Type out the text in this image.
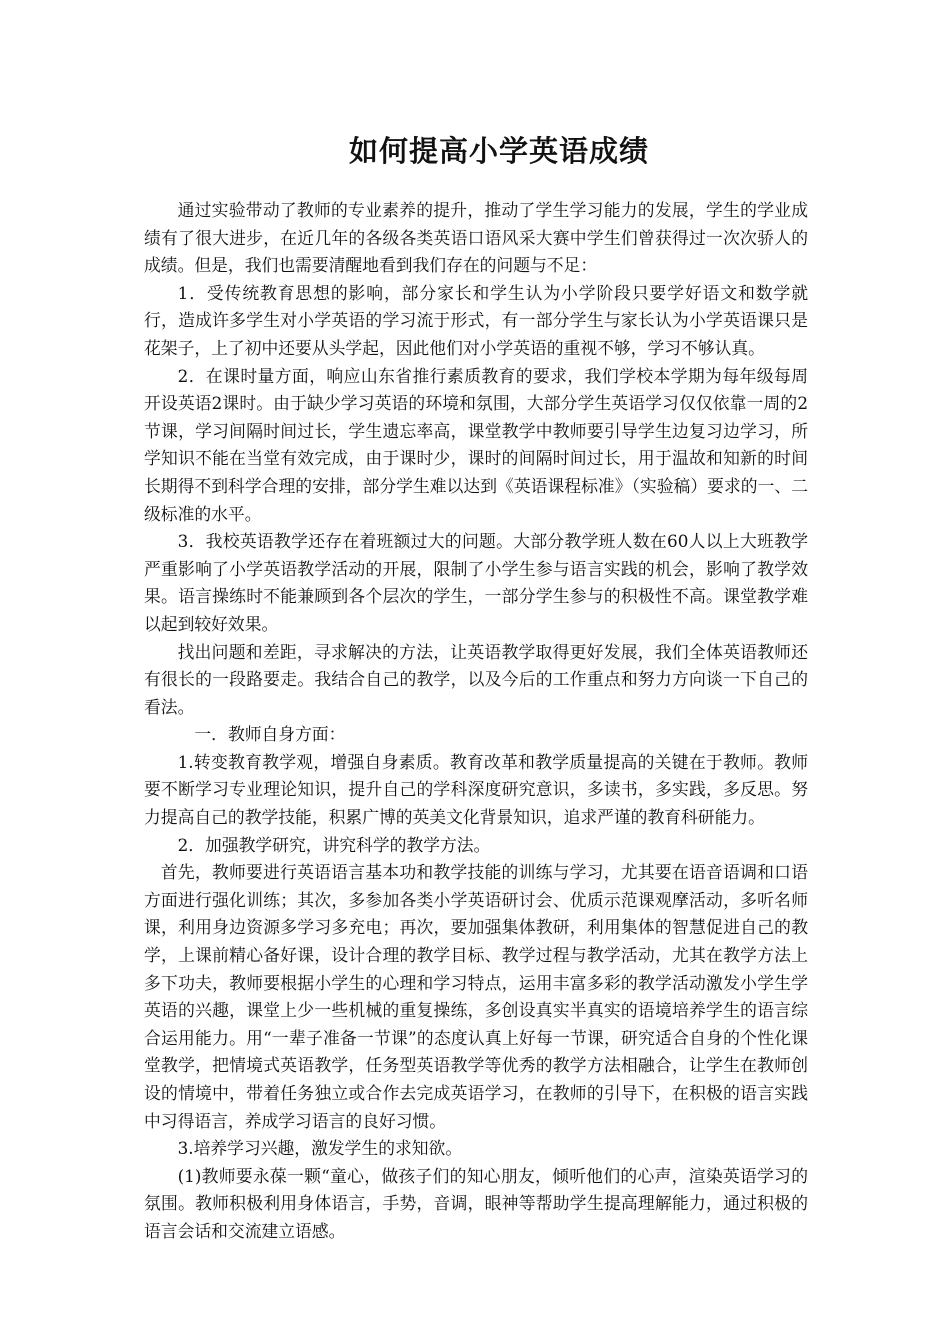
如何提高小学英语成绩

通过实验带动了教师的专业素养的提升，推动了学生学习能力的发展，学生的学业成绩有了很大进步，在近几年的各级各类英语口语风采大赛中学生们曾获得过一次次骄人的成绩。但是，我们也需要清醒地看到我们存在的问题与不足：

1．受传统教育思想的影响，部分家长和学生认为小学阶段只要学好语文和数学就行，造成许多学生对小学英语的学习流于形式，有一部分学生与家长认为小学英语课只是花架子，上了初中还要从头学起，因此他们对小学英语的重视不够，学习不够认真。

2．在课时量方面，响应山东省推行素质教育的要求，我们学校本学期为每年级每周开设英语2课时。由于缺少学习英语的环境和氛围，大部分学生英语学习仅仅依靠一周的2节课，学习间隔时间过长，学生遗忘率高，课堂教学中教师要引导学生边复习边学习，所学知识不能在当堂有效完成，由于课时少，课时的间隔时间过长，用于温故和知新的时间长期得不到科学合理的安排，部分学生难以达到《英语课程标准》（实验稿）要求的一、二级标准的水平。

3．我校英语教学还存在着班额过大的问题。大部分教学班人数在60人以上大班教学严重影响了小学英语教学活动的开展，限制了小学生参与语言实践的机会，影响了教学效果。语言操练时不能兼顾到各个层次的学生，一部分学生参与的积极性不高。课堂教学难以起到较好效果。

找出问题和差距，寻求解决的方法，让英语教学取得更好发展，我们全体英语教师还有很长的一段路要走。我结合自己的教学，以及今后的工作重点和努力方向谈一下自己的看法。

一．教师自身方面：

1.转变教育教学观，增强自身素质。教育改革和教学质量提高的关键在于教师。教师要不断学习专业理论知识，提升自己的学科深度研究意识，多读书，多实践，多反思。努力提高自己的教学技能，积累广博的英美文化背景知识，追求严谨的教育科研能力。

2．加强教学研究，讲究科学的教学方法。

首先，教师要进行英语语言基本功和教学技能的训练与学习，尤其要在语音语调和口语方面进行强化训练；其次，多参加各类小学英语研讨会、优质示范课观摩活动，多听名师课，利用身边资源多学习多充电；再次，要加强集体教研，利用集体的智慧促进自己的教学，上课前精心备好课，设计合理的教学目标、教学过程与教学活动，尤其在教学方法上多下功夫，教师要根据小学生的心理和学习特点，运用丰富多彩的教学活动激发小学生学英语的兴趣，课堂上少一些机械的重复操练，多创设真实半真实的语境培养学生的语言综合运用能力。用“一辈子准备一节课”的态度认真上好每一节课，研究适合自身的个性化课堂教学，把情境式英语教学，任务型英语教学等优秀的教学方法相融合，让学生在教师创设的情境中，带着任务独立或合作去完成英语学习，在教师的引导下，在积极的语言实践中习得语言，养成学习语言的良好习惯。

3.培养学习兴趣，激发学生的求知欲。

(1)教师要永葆一颗“童心，做孩子们的知心朋友，倾听他们的心声，渲染英语学习的氛围。教师积极利用身体语言，手势，音调，眼神等帮助学生提高理解能力，通过积极的语言会话和交流建立语感。
